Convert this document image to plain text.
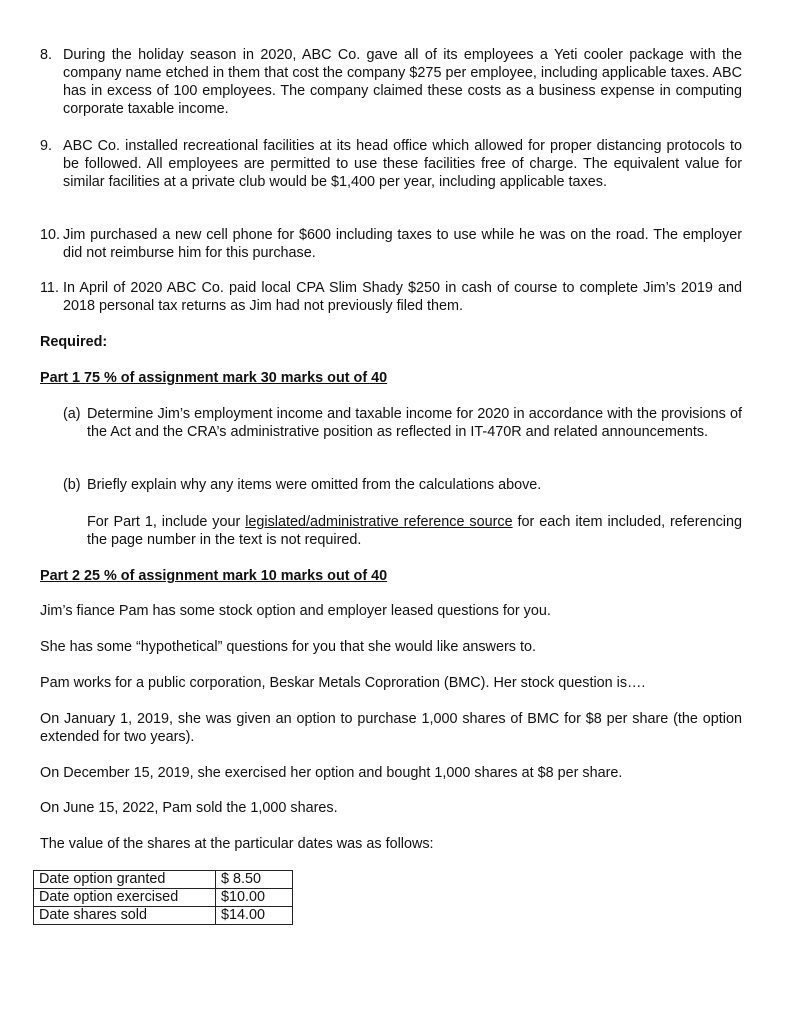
8. During the holiday season in 2020, ABC Co. gave all of its employees a Yeti cooler package with the company name etched in them that cost the company $275 per employee, including applicable taxes. ABC has in excess of 100 employees. The company claimed these costs as a business expense in computing corporate taxable income.
9. ABC Co. installed recreational facilities at its head office which allowed for proper distancing protocols to be followed. All employees are permitted to use these facilities free of charge. The equivalent value for similar facilities at a private club would be $1,400 per year, including applicable taxes.
10. Jim purchased a new cell phone for $600 including taxes to use while he was on the road. The employer did not reimburse him for this purchase.
11. In April of 2020 ABC Co. paid local CPA Slim Shady $250 in cash of course to complete Jim’s 2019 and 2018 personal tax returns as Jim had not previously filed them.
Required:
Part 1 75 % of assignment mark 30 marks out of 40
(a) Determine Jim’s employment income and taxable income for 2020 in accordance with the provisions of the Act and the CRA’s administrative position as reflected in IT-470R and related announcements.
(b) Briefly explain why any items were omitted from the calculations above.
For Part 1, include your legislated/administrative reference source for each item included, referencing the page number in the text is not required.
Part 2 25 % of assignment mark 10 marks out of 40
Jim’s fiance Pam has some stock option and employer leased questions for you.
She has some “hypothetical” questions for you that she would like answers to.
Pam works for a public corporation, Beskar Metals Coproration (BMC). Her stock question is….
On January 1, 2019, she was given an option to purchase 1,000 shares of BMC for $8 per share (the option extended for two years).
On December 15, 2019, she exercised her option and bought 1,000 shares at $8 per share.
On June 15, 2022, Pam sold the 1,000 shares.
The value of the shares at the particular dates was as follows:
Date option granted	$ 8.50
Date option exercised	$10.00
Date shares sold	$14.00
